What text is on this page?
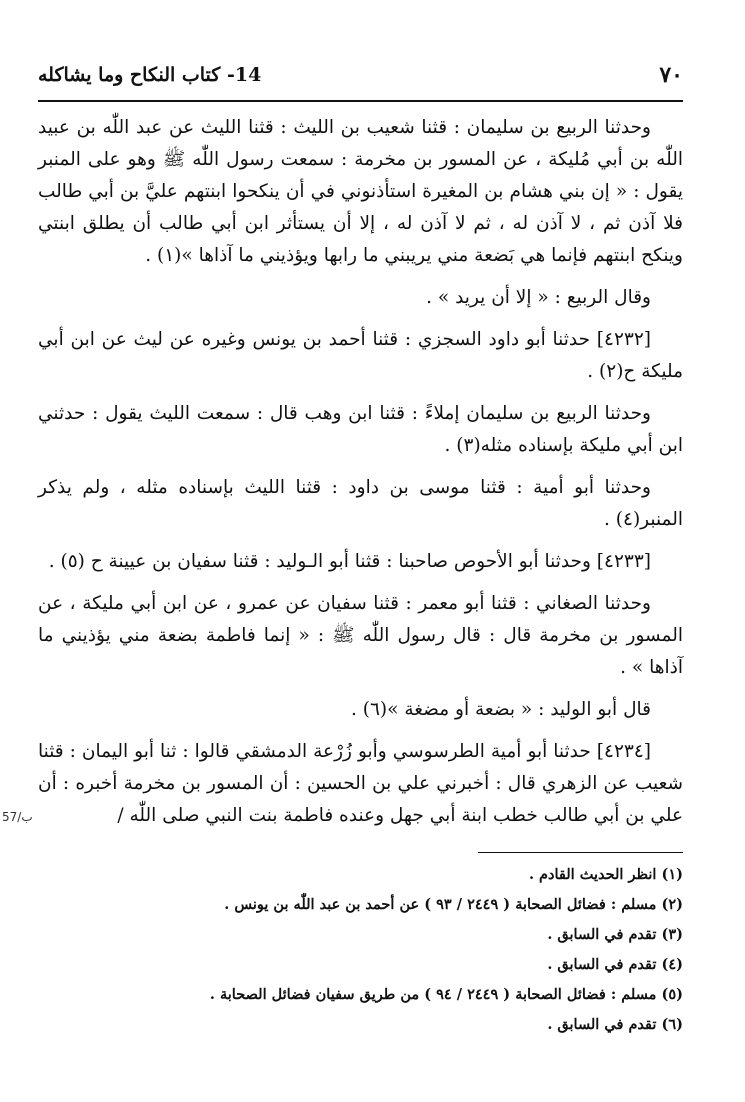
٧٠
14- كتاب النكاح وما يشاكله

وحدثنا الربيع بن سليمان : قثنا شعيب بن الليث : قثنا الليث عن عبد اللّٰه بن عبيد اللّٰه بن أبي مُليكة ، عن المسور بن مخرمة : سمعت رسول اللّٰه ﷺ وهو على المنبر يقول : « إن بني هشام بن المغيرة استأذنوني في أن ينكحوا ابنتهم عليَّ بن أبي طالب فلا آذن ثم ، لا آذن له ، ثم لا آذن له ، إلا أن يستأثر ابن أبي طالب أن يطلق ابنتي وينكح ابنتهم فإنما هي بَضعة مني يريبني ما رابها ويؤذيني ما آذاها »(١) .

وقال الربيع : « إلا أن يريد » .

[٤٢٣٢] حدثنا أبو داود السجزي : قثنا أحمد بن يونس وغيره عن ليث عن ابن أبي مليكة ح(٢) .

وحدثنا الربيع بن سليمان إملاءً : قثنا ابن وهب قال : سمعت الليث يقول : حدثني ابن أبي مليكة بإسناده مثله(٣) .

وحدثنا أبو أمية : قثنا موسى بن داود : قثنا الليث بإسناده مثله ، ولم يذكر المنبر(٤) .

[٤٢٣٣] وحدثنا أبو الأحوص صاحبنا : قثنا أبو الـوليد : قثنا سفيان بن عيينة ح (٥) .

وحدثنا الصغاني : قثنا أبو معمر : قثنا سفيان عن عمرو ، عن ابن أبي مليكة ، عن المسور بن مخرمة قال : قال رسول اللّٰه ﷺ : « إنما فاطمة بضعة مني يؤذيني ما آذاها » .

قال أبو الوليد : « بضعة أو مضغة »(٦) .

[٤٢٣٤] حدثنا أبو أمية الطرسوسي وأبو زُرْعة الدمشقي قالوا : ثنا أبو اليمان : قثنا شعيب عن الزهري قال : أخبرني علي بن الحسين : أن المسور بن مخرمة أخبره : أن علي بن أبي طالب خطب ابنة أبي جهل وعنده فاطمة بنت النبي صلى اللّٰه /

57/ب
(١) انظر الحديث القادم .
(٢) مسلم : فضائل الصحابة ( ٢٤٤٩ / ٩٣ ) عن أحمد بن عبد اللّٰه بن يونس .
(٣) تقدم في السابق .
(٤) تقدم في السابق .
(٥) مسلم : فضائل الصحابة ( ٢٤٤٩ / ٩٤ ) من طريق سفيان فضائل الصحابة .
(٦) تقدم في السابق .
